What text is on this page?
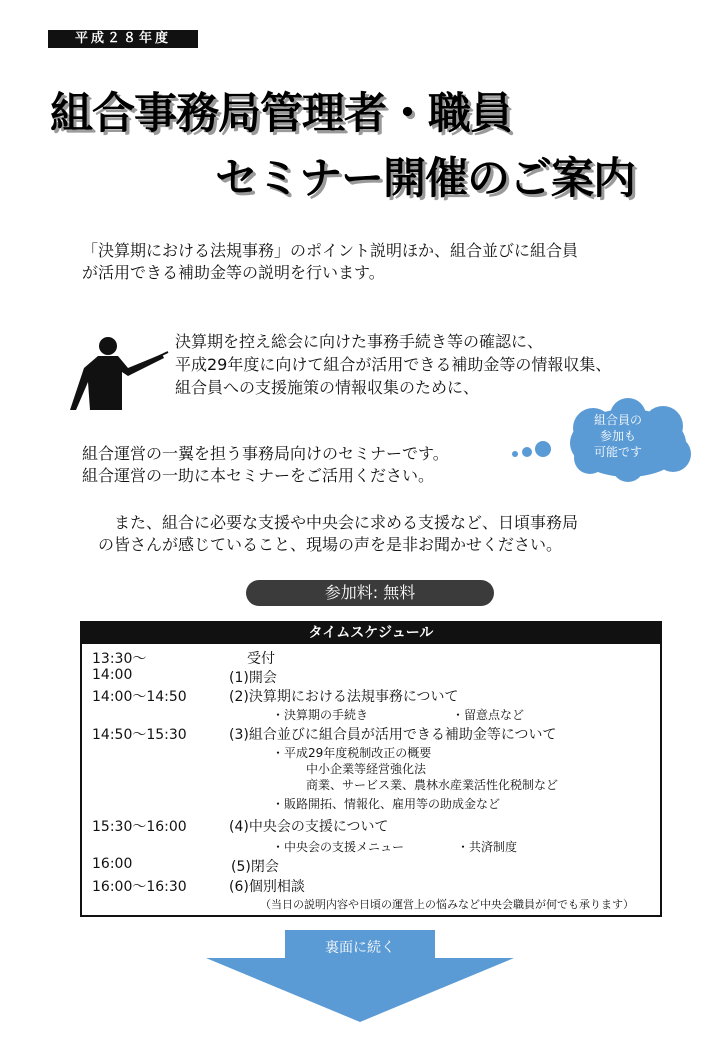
平成２８年度
組合事務局管理者・職員
セミナー開催のご案内
「決算期における法規事務」のポイント説明ほか、組合並びに組合員
が活用できる補助金等の説明を行います。
決算期を控え総会に向けた事務手続き等の確認に、
平成29年度に向けて組合が活用できる補助金等の情報収集、
組合員への支援施策の情報収集のために、
組合員の
参加も
可能です
組合運営の一翼を担う事務局向けのセミナーです。
組合運営の一助に本セミナーをご活用ください。
　また、組合に必要な支援や中央会に求める支援など、日頃事務局
の皆さんが感じていること、現場の声を是非お聞かせください。
参加料: 無料
タイムスケジュール
13:30〜	受付
14:00	(1)開会
14:00〜14:50	(2)決算期における法規事務について
・決算期の手続き	・留意点など
14:50〜15:30	(3)組合並びに組合員が活用できる補助金等について
・平成29年度税制改正の概要
中小企業等経営強化法
商業、サービス業、農林水産業活性化税制など
・販路開拓、情報化、雇用等の助成金など
15:30〜16:00	(4)中央会の支援について
・中央会の支援メニュー	・共済制度
16:00	(5)閉会
16:00〜16:30	(6)個別相談
（当日の説明内容や日頃の運営上の悩みなど中央会職員が何でも承ります）
裏面に続く
